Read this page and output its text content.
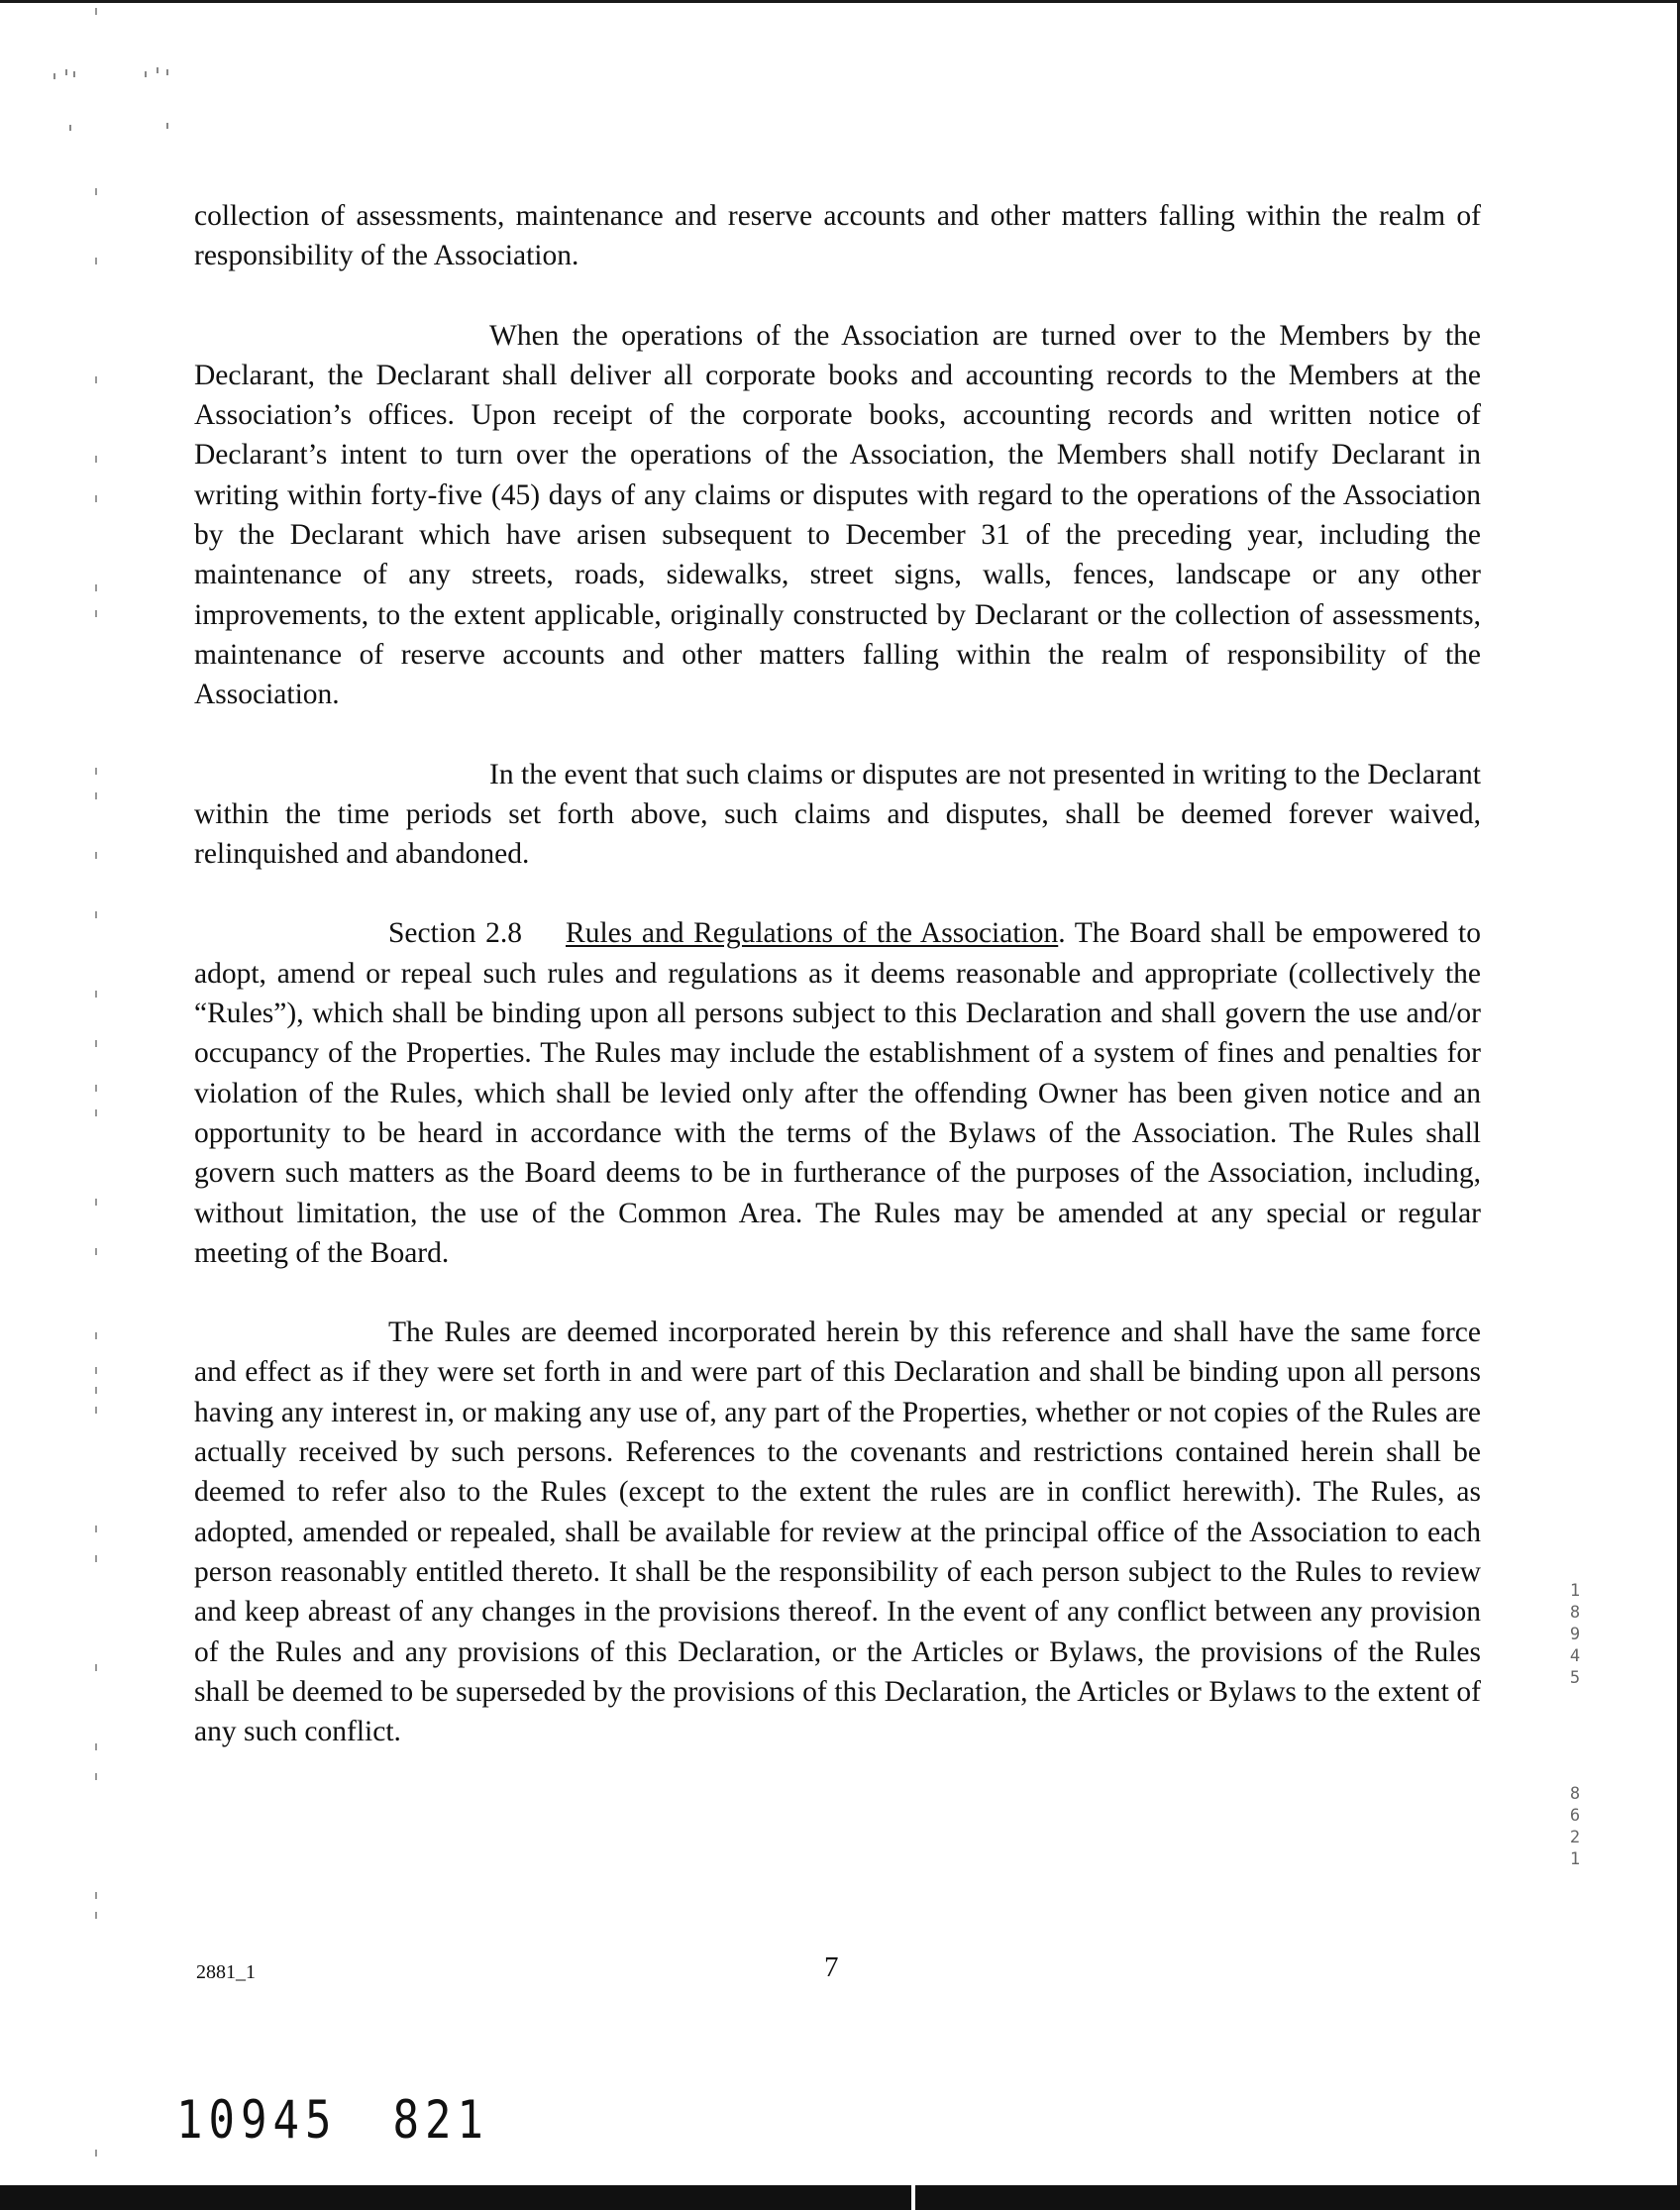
collection of assessments, maintenance and reserve accounts and other matters falling within the realm of responsibility of the Association.

When the operations of the Association are turned over to the Members by the Declarant, the Declarant shall deliver all corporate books and accounting records to the Members at the Association’s offices. Upon receipt of the corporate books, accounting records and written notice of Declarant’s intent to turn over the operations of the Association, the Members shall notify Declarant in writing within forty-five (45) days of any claims or disputes with regard to the operations of the Association by the Declarant which have arisen subsequent to December 31 of the preceding year, including the maintenance of any streets, roads, sidewalks, street signs, walls, fences, landscape or any other improvements, to the extent applicable, originally constructed by Declarant or the collection of assessments, maintenance of reserve accounts and other matters falling within the realm of responsibility of the Association.

In the event that such claims or disputes are not presented in writing to the Declarant within the time periods set forth above, such claims and disputes, shall be deemed forever waived, relinquished and abandoned.

Section 2.8 Rules and Regulations of the Association. The Board shall be empowered to adopt, amend or repeal such rules and regulations as it deems reasonable and appropriate (collectively the “Rules”), which shall be binding upon all persons subject to this Declaration and shall govern the use and/or occupancy of the Properties. The Rules may include the establishment of a system of fines and penalties for violation of the Rules, which shall be levied only after the offending Owner has been given notice and an opportunity to be heard in accordance with the terms of the Bylaws of the Association. The Rules shall govern such matters as the Board deems to be in furtherance of the purposes of the Association, including, without limitation, the use of the Common Area. The Rules may be amended at any special or regular meeting of the Board.

The Rules are deemed incorporated herein by this reference and shall have the same force and effect as if they were set forth in and were part of this Declaration and shall be binding upon all persons having any interest in, or making any use of, any part of the Properties, whether or not copies of the Rules are actually received by such persons. References to the covenants and restrictions contained herein shall be deemed to refer also to the Rules (except to the extent the rules are in conflict herewith). The Rules, as adopted, amended or repealed, shall be available for review at the principal office of the Association to each person reasonably entitled thereto. It shall be the responsibility of each person subject to the Rules to review and keep abreast of any changes in the provisions thereof. In the event of any conflict between any provision of the Rules and any provisions of this Declaration, or the Articles or Bylaws, the provisions of the Rules shall be deemed to be superseded by the provisions of this Declaration, the Articles or Bylaws to the extent of any such conflict.

2881_1	7
10945 821
1
8
9
4
5
8
6
2
1
